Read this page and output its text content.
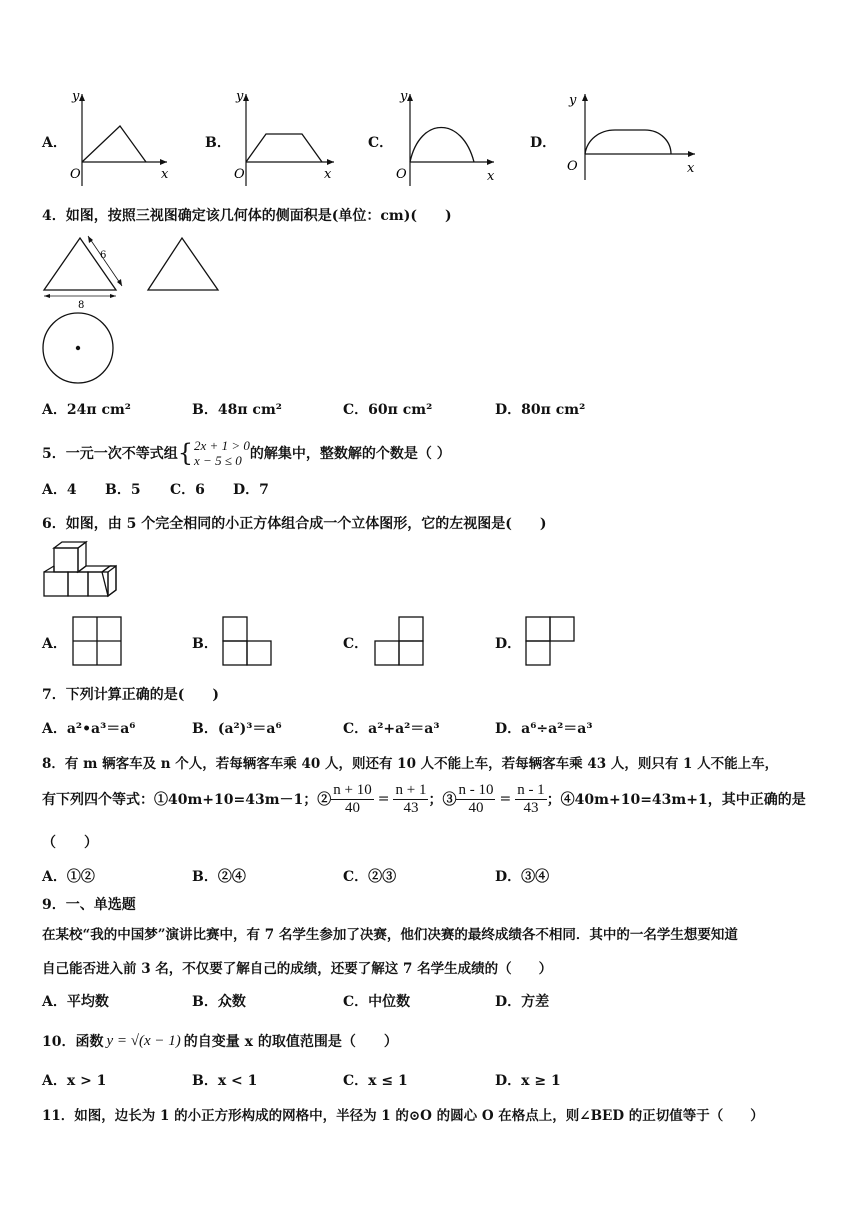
A．
y
x
O
B．
y
x
O
C．
y
x
O
D．
y
x
O
4．如图，按照三视图确定该几何体的侧面积是(单位：cm)(　　)
6
8
A．24π cm²	B．48π cm²	C．60π cm²	D．80π cm²
5．一元一次不等式组 { 2x + 1 > 0
x − 5 ≤ 0 的解集中，整数解的个数是（ ）
A．4 B．5 C．6 D．7
6．如图，由 5 个完全相同的小正方体组合成一个立体图形，它的左视图是(　　)
A．	B．	C．	D．
7．下列计算正确的是(　　)
A．a²•a³＝a⁶	B．(a²)³＝a⁶	C．a²+a²＝a³	D．a⁶÷a²＝a³
8．有 m 辆客车及 n 个人，若每辆客车乘 40 人，则还有 10 人不能上车，若每辆客车乘 43 人，则只有 1 人不能上车，
有下列四个等式：①40m+10=43m－1；② $\frac{n + 10}{40} = \frac{n + 1}{43}$ ；③ $\frac{n - 10}{40} = \frac{n - 1}{43}$ ；④40m+10=43m+1，其中正确的是
（　　）
A．①②	B．②④	C．②③	D．③④
9．一、单选题
在某校“我的中国梦”演讲比赛中，有 7 名学生参加了决赛，他们决赛的最终成绩各不相同．其中的一名学生想要知道
自己能否进入前 3 名，不仅要了解自己的成绩，还要了解这 7 名学生成绩的（　　）
A．平均数	B．众数	C．中位数	D．方差
10．函数 y = √(x − 1) 的自变量 x 的取值范围是（　　）
A．x > 1	B．x < 1	C．x ≤ 1	D．x ≥ 1
11．如图，边长为 1 的小正方形构成的网格中，半径为 1 的⊙O 的圆心 O 在格点上，则∠BED 的正切值等于（　　）
